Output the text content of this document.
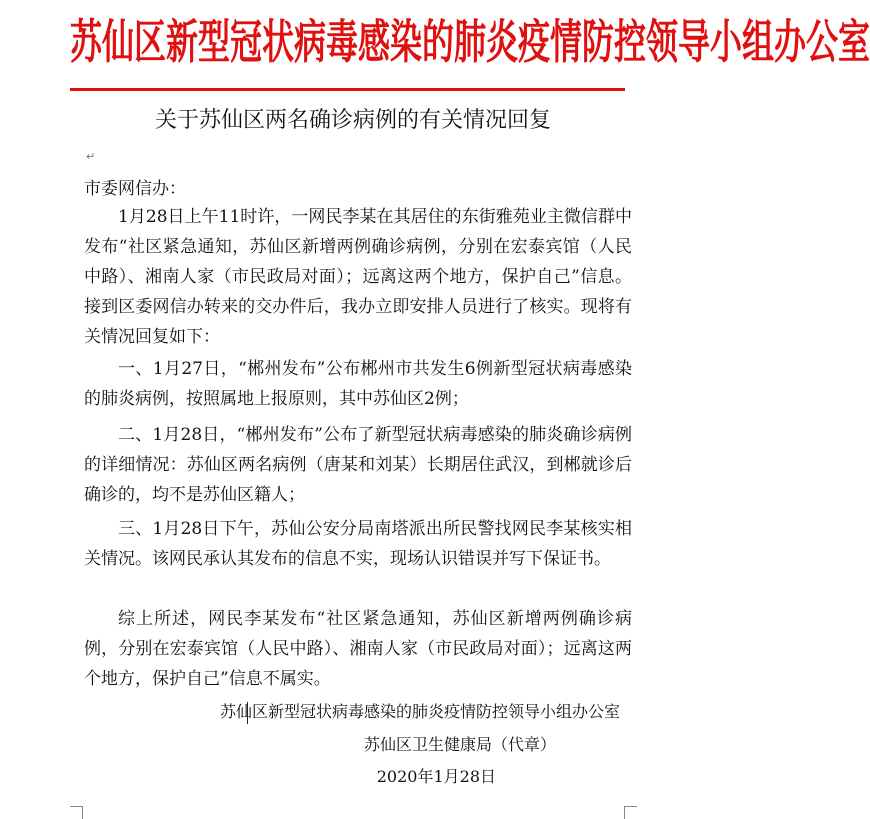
苏仙区新型冠状病毒感染的肺炎疫情防控领导小组办公室
关于苏仙区两名确诊病例的有关情况回复
↵
市委网信办：
1月28日上午11时许，一网民李某在其居住的东街雅苑业主微信群中发布“社区紧急通知，苏仙区新增两例确诊病例，分别在宏泰宾馆（人民中路）、湘南人家（市民政局对面）；远离这两个地方，保护自己”信息。接到区委网信办转来的交办件后，我办立即安排人员进行了核实。现将有关情况回复如下：
一、1月27日，“郴州发布”公布郴州市共发生6例新型冠状病毒感染的肺炎病例，按照属地上报原则，其中苏仙区2例；
二、1月28日，“郴州发布”公布了新型冠状病毒感染的肺炎确诊病例的详细情况：苏仙区两名病例（唐某和刘某）长期居住武汉，到郴就诊后确诊的，均不是苏仙区籍人；
三、1月28日下午，苏仙公安分局南塔派出所民警找网民李某核实相关情况。该网民承认其发布的信息不实，现场认识错误并写下保证书。
综上所述，网民李某发布“社区紧急通知，苏仙区新增两例确诊病例，分别在宏泰宾馆（人民中路）、湘南人家（市民政局对面）；远离这两个地方，保护自己”信息不属实。
苏仙区新型冠状病毒感染的肺炎疫情防控领导小组办公室
苏仙区卫生健康局（代章）
2020年1月28日
